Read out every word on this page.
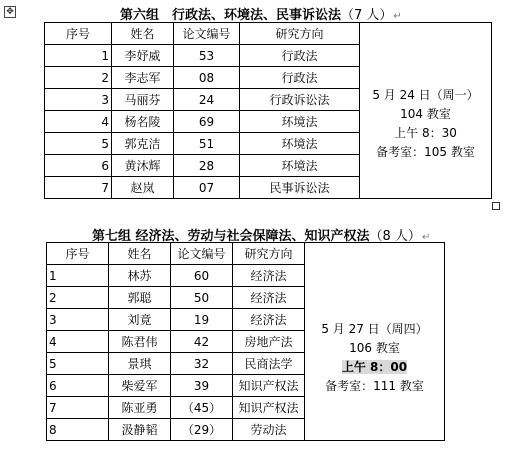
✥	第六组　行政法、环境法、民事诉讼法（7 人）↵
序号	姓名	论文编号	研究方向	5 月 24 日（周一）
104 教室
上午 8：30
备考室：105 教室

1	李妤威	53	行政法	
2	李志军	08	行政法	
3	马丽芬	24	行政诉讼法	
4	杨名陵	69	环境法	
5	郭克洁	51	环境法	
6	黄沐辉	28	环境法	
7	赵岚	07	民事诉讼法	
第七组 经济法、劳动与社会保障法、知识产权法（8 人）↵
序号	姓名	论文编号	研究方向	5 月 27 日（周四）
106 教室
上午 8：00
备考室：111 教室

1	林苏	60	经济法	
2	郭聪	50	经济法	
3	刘竟	19	经济法	
4	陈君伟	42	房地产法	
5	景琪	32	民商法学	
6	柴爱军	39	知识产权法	
7	陈亚勇	（45）	知识产权法	
8	汲静韬	（29）	劳动法	
